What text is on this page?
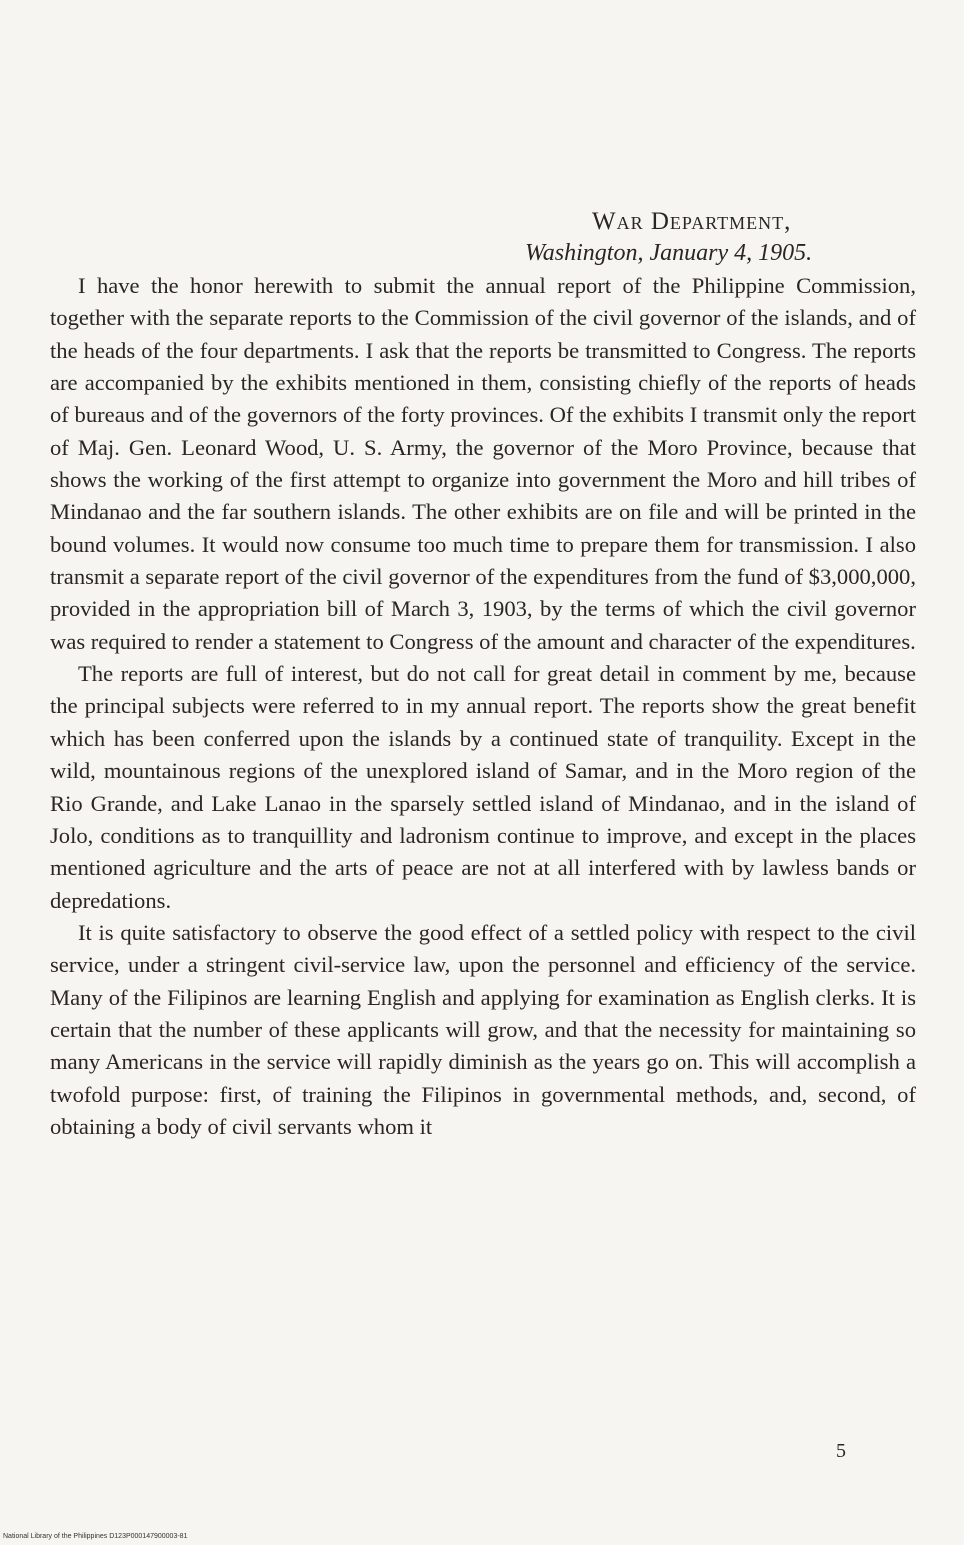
War Department,
Washington, January 4, 1905.

I have the honor herewith to submit the annual report of the Philippine Commission, together with the separate reports to the Commission of the civil governor of the islands, and of the heads of the four departments. I ask that the reports be transmitted to Congress. The reports are accompanied by the exhibits mentioned in them, consisting chiefly of the reports of heads of bureaus and of the governors of the forty provinces. Of the exhibits I transmit only the report of Maj. Gen. Leonard Wood, U. S. Army, the governor of the Moro Province, because that shows the working of the first attempt to organize into government the Moro and hill tribes of Mindanao and the far southern islands. The other exhibits are on file and will be printed in the bound volumes. It would now consume too much time to prepare them for transmission. I also transmit a separate report of the civil governor of the expenditures from the fund of $3,000,000, provided in the appropriation bill of March 3, 1903, by the terms of which the civil governor was required to render a statement to Congress of the amount and character of the expenditures.

The reports are full of interest, but do not call for great detail in comment by me, because the principal subjects were referred to in my annual report. The reports show the great benefit which has been conferred upon the islands by a continued state of tranquility. Except in the wild, mountainous regions of the unexplored island of Samar, and in the Moro region of the Rio Grande, and Lake Lanao in the sparsely settled island of Mindanao, and in the island of Jolo, conditions as to tranquillity and ladronism continue to improve, and except in the places mentioned agriculture and the arts of peace are not at all interfered with by lawless bands or depredations.

It is quite satisfactory to observe the good effect of a settled policy with respect to the civil service, under a stringent civil-service law, upon the personnel and efficiency of the service. Many of the Filipinos are learning English and applying for examination as English clerks. It is certain that the number of these applicants will grow, and that the necessity for maintaining so many Americans in the service will rapidly diminish as the years go on. This will accomplish a twofold purpose: first, of training the Filipinos in governmental methods, and, second, of obtaining a body of civil servants whom it

5
National Library of the Philippines D123P000147900003-81
